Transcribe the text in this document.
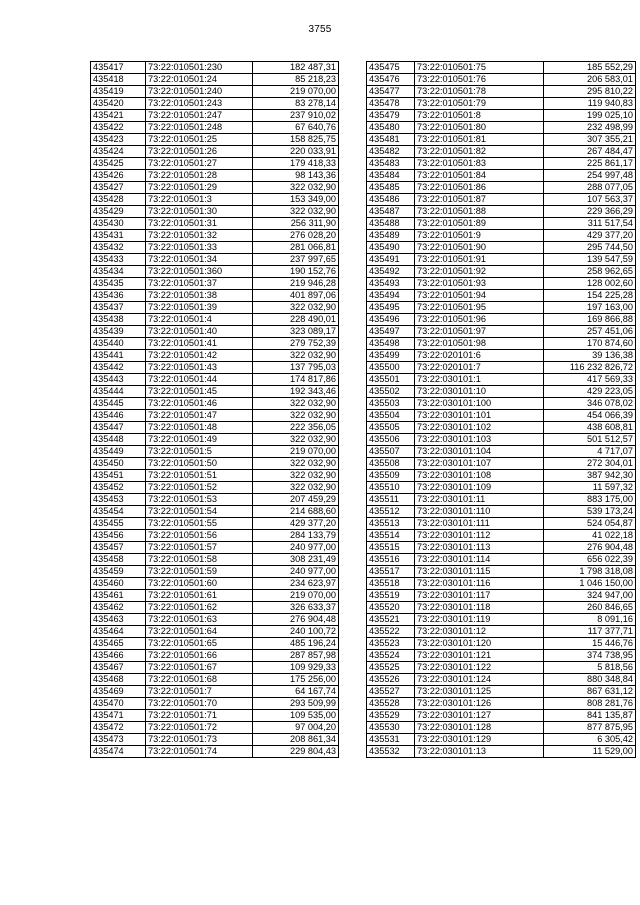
3755
435417	73:22:010501:230	182 487,31
435418	73:22:010501:24	85 218,23
435419	73:22:010501:240	219 070,00
435420	73:22:010501:243	83 278,14
435421	73:22:010501:247	237 910,02
435422	73:22:010501:248	67 640,76
435423	73:22:010501:25	158 825,75
435424	73:22:010501:26	220 033,91
435425	73:22:010501:27	179 418,33
435426	73:22:010501:28	98 143,36
435427	73:22:010501:29	322 032,90
435428	73:22:010501:3	153 349,00
435429	73:22:010501:30	322 032,90
435430	73:22:010501:31	256 311,90
435431	73:22:010501:32	276 028,20
435432	73:22:010501:33	281 066,81
435433	73:22:010501:34	237 997,65
435434	73:22:010501:360	190 152,76
435435	73:22:010501:37	219 946,28
435436	73:22:010501:38	401 897,06
435437	73:22:010501:39	322 032,90
435438	73:22:010501:4	228 490,01
435439	73:22:010501:40	323 089,17
435440	73:22:010501:41	279 752,39
435441	73:22:010501:42	322 032,90
435442	73:22:010501:43	137 795,03
435443	73:22:010501:44	174 817,86
435444	73:22:010501:45	192 343,46
435445	73:22:010501:46	322 032,90
435446	73:22:010501:47	322 032,90
435447	73:22:010501:48	222 356,05
435448	73:22:010501:49	322 032,90
435449	73:22:010501:5	219 070,00
435450	73:22:010501:50	322 032,90
435451	73:22:010501:51	322 032,90
435452	73:22:010501:52	322 032,90
435453	73:22:010501:53	207 459,29
435454	73:22:010501:54	214 688,60
435455	73:22:010501:55	429 377,20
435456	73:22:010501:56	284 133,79
435457	73:22:010501:57	240 977,00
435458	73:22:010501:58	308 231,49
435459	73:22:010501:59	240 977,00
435460	73:22:010501:60	234 623,97
435461	73:22:010501:61	219 070,00
435462	73:22:010501:62	326 633,37
435463	73:22:010501:63	276 904,48
435464	73:22:010501:64	240 100,72
435465	73:22:010501:65	485 196,24
435466	73:22:010501:66	287 857,98
435467	73:22:010501:67	109 929,33
435468	73:22:010501:68	175 256,00
435469	73:22:010501:7	64 167,74
435470	73:22:010501:70	293 509,99
435471	73:22:010501:71	109 535,00
435472	73:22:010501:72	97 004,20
435473	73:22:010501:73	208 861,34
435474	73:22:010501:74	229 804,43
435475	73:22:010501:75	185 552,29
435476	73:22:010501:76	206 583,01
435477	73:22:010501:78	295 810,22
435478	73:22:010501:79	119 940,83
435479	73:22:010501:8	199 025,10
435480	73:22:010501:80	232 498,99
435481	73:22:010501:81	307 355,21
435482	73:22:010501:82	267 484,47
435483	73:22:010501:83	225 861,17
435484	73:22:010501:84	254 997,48
435485	73:22:010501:86	288 077,05
435486	73:22:010501:87	107 563,37
435487	73:22:010501:88	229 366,29
435488	73:22:010501:89	311 517,54
435489	73:22:010501:9	429 377,20
435490	73:22:010501:90	295 744,50
435491	73:22:010501:91	139 547,59
435492	73:22:010501:92	258 962,65
435493	73:22:010501:93	128 002,60
435494	73:22:010501:94	154 225,28
435495	73:22:010501:95	197 163,00
435496	73:22:010501:96	169 866,88
435497	73:22:010501:97	257 451,06
435498	73:22:010501:98	170 874,60
435499	73:22:020101:6	39 136,38
435500	73:22:020101:7	116 232 826,72
435501	73:22:030101:1	417 569,33
435502	73:22:030101:10	429 223,05
435503	73:22:030101:100	346 078,02
435504	73:22:030101:101	454 066,39
435505	73:22:030101:102	438 608,81
435506	73:22:030101:103	501 512,57
435507	73:22:030101:104	4 717,07
435508	73:22:030101:107	272 304,01
435509	73:22:030101:108	387 942,30
435510	73:22:030101:109	11 597,32
435511	73:22:030101:11	883 175,00
435512	73:22:030101:110	539 173,24
435513	73:22:030101:111	524 054,87
435514	73:22:030101:112	41 022,18
435515	73:22:030101:113	276 904,48
435516	73:22:030101:114	656 022,39
435517	73:22:030101:115	1 798 318,08
435518	73:22:030101:116	1 046 150,00
435519	73:22:030101:117	324 947,00
435520	73:22:030101:118	260 846,65
435521	73:22:030101:119	8 091,16
435522	73:22:030101:12	117 377,71
435523	73:22:030101:120	15 446,76
435524	73:22:030101:121	374 738,95
435525	73:22:030101:122	5 818,56
435526	73:22:030101:124	880 348,84
435527	73:22:030101:125	867 631,12
435528	73:22:030101:126	808 281,76
435529	73:22:030101:127	841 135,87
435530	73:22:030101:128	877 875,95
435531	73:22:030101:129	6 305,42
435532	73:22:030101:13	11 529,00
